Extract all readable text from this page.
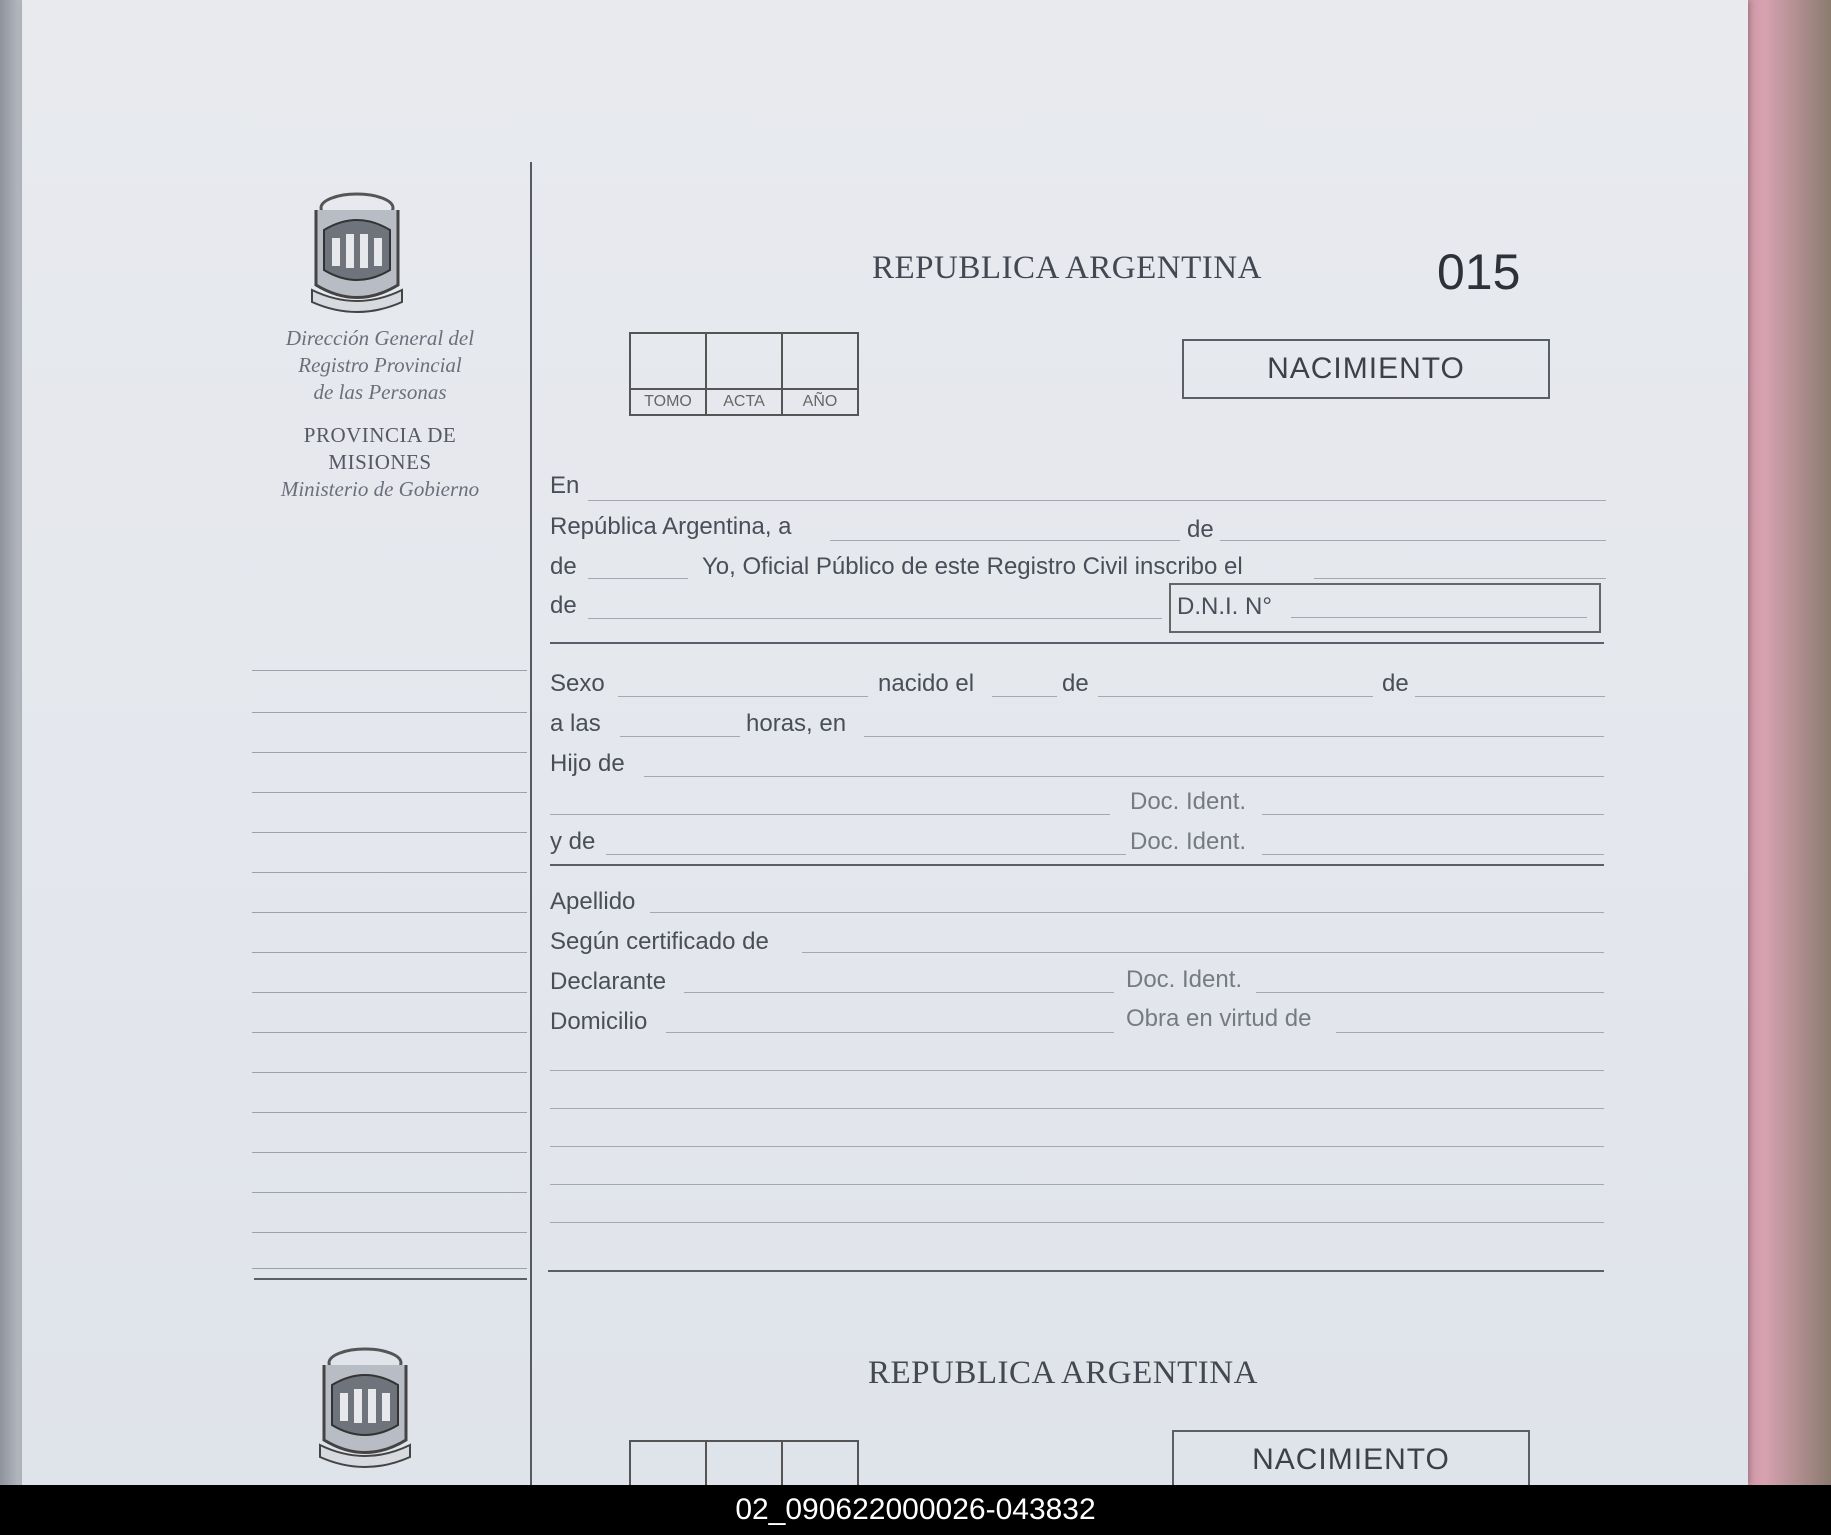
Dirección General del
Registro Provincial
de las Personas
PROVINCIA DE
MISIONES
Ministerio de Gobierno
REPUBLICA ARGENTINA	015
TOMO	ACTA	AÑO
NACIMIENTO
En
República Argentina, a	de
de	Yo, Oficial Público de este Registro Civil inscribo el
de	D.N.I. N°
Sexo	nacido el	de	de
a las	horas, en
Hijo de
Doc. Ident.
y de	Doc. Ident.
Apellido
Según certificado de
Declarante	Doc. Ident.
Domicilio	Obra en virtud de
REPUBLICA ARGENTINA
NACIMIENTO
02_090622000026-043832
